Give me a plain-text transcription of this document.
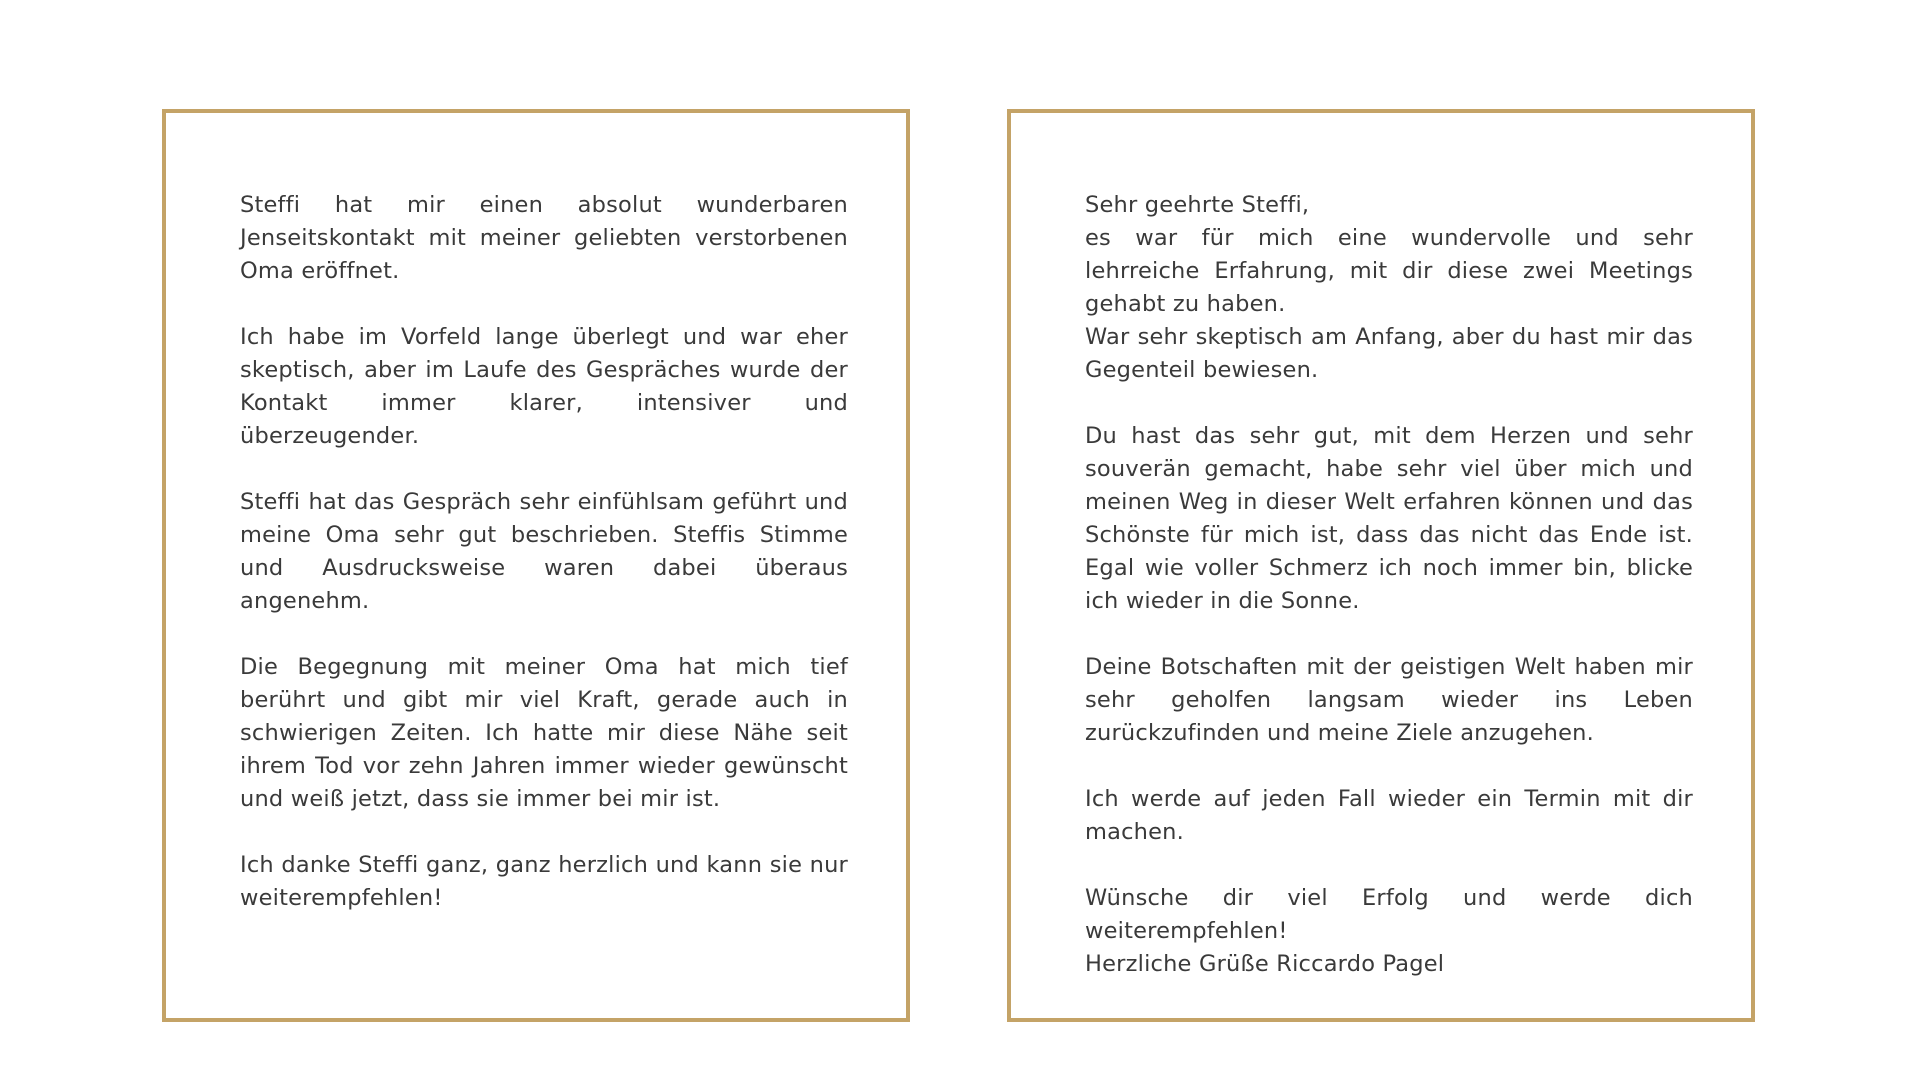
Steffi hat mir einen absolut wunderbaren Jenseitskontakt mit meiner geliebten verstorbenen Oma eröffnet.

Ich habe im Vorfeld lange überlegt und war eher skeptisch, aber im Laufe des Gespräches wurde der Kontakt immer klarer, intensiver und überzeugender.

Steffi hat das Gespräch sehr einfühlsam geführt und meine Oma sehr gut beschrieben. Steffis Stimme und Ausdrucksweise waren dabei überaus angenehm.

Die Begegnung mit meiner Oma hat mich tief berührt und gibt mir viel Kraft, gerade auch in schwierigen Zeiten. Ich hatte mir diese Nähe seit ihrem Tod vor zehn Jahren immer wieder gewünscht und weiß jetzt, dass sie immer bei mir ist.

Ich danke Steffi ganz, ganz herzlich und kann sie nur weiterempfehlen!

Sehr geehrte Steffi,
es war für mich eine wundervolle und sehr lehrreiche Erfahrung, mit dir diese zwei Meetings gehabt zu haben.
War sehr skeptisch am Anfang, aber du hast mir das Gegenteil bewiesen.

Du hast das sehr gut, mit dem Herzen und sehr souverän gemacht, habe sehr viel über mich und meinen Weg in dieser Welt erfahren können und das Schönste für mich ist, dass das nicht das Ende ist. Egal wie voller Schmerz ich noch immer bin, blicke ich wieder in die Sonne.

Deine Botschaften mit der geistigen Welt haben mir sehr geholfen langsam wieder ins Leben zurückzufinden und meine Ziele anzugehen.

Ich werde auf jeden Fall wieder ein Termin mit dir machen.

Wünsche dir viel Erfolg und werde dich weiterempfehlen!
Herzliche Grüße Riccardo Pagel
